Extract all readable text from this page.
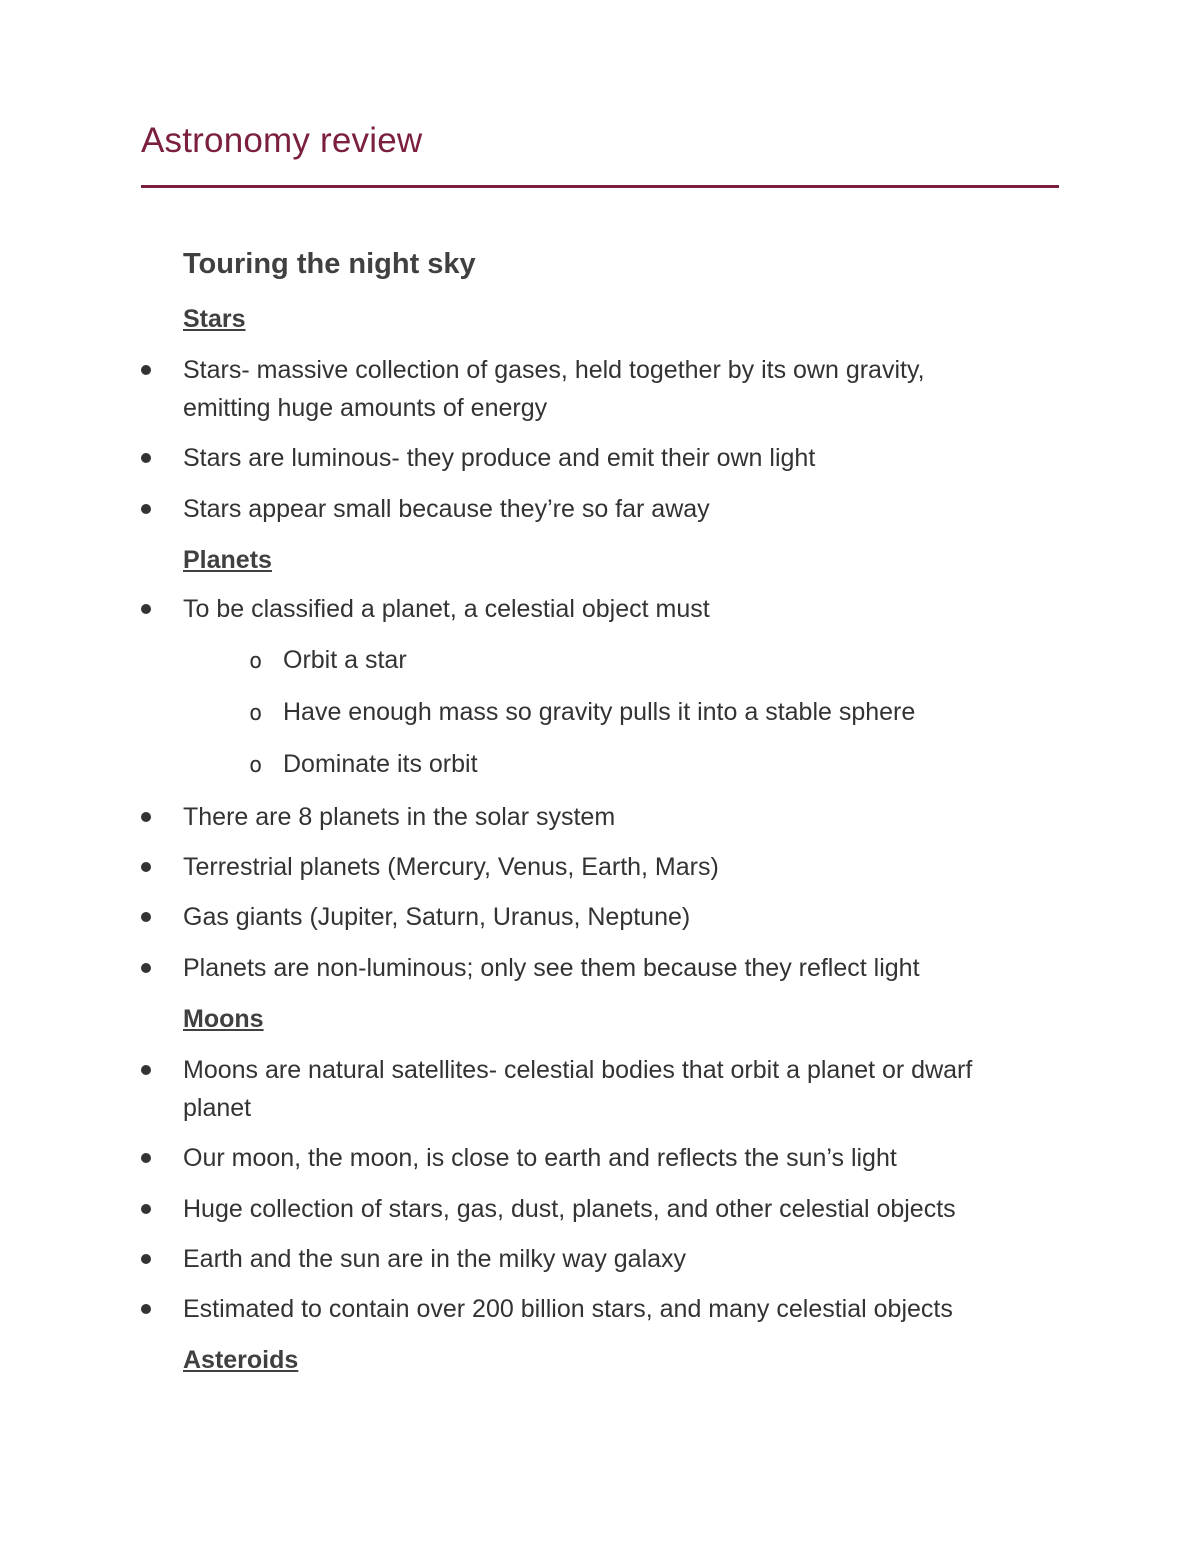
Astronomy review
Touring the night sky
Stars
Stars- massive collection of gases, held together by its own gravity,
emitting huge amounts of energy
Stars are luminous- they produce and emit their own light
Stars appear small because they’re so far away
Planets
To be classified a planet, a celestial object must
o Orbit a star
o Have enough mass so gravity pulls it into a stable sphere
o Dominate its orbit
There are 8 planets in the solar system
Terrestrial planets (Mercury, Venus, Earth, Mars)
Gas giants (Jupiter, Saturn, Uranus, Neptune)
Planets are non-luminous; only see them because they reflect light
Moons
Moons are natural satellites- celestial bodies that orbit a planet or dwarf
planet
Our moon, the moon, is close to earth and reflects the sun’s light
Huge collection of stars, gas, dust, planets, and other celestial objects
Earth and the sun are in the milky way galaxy
Estimated to contain over 200 billion stars, and many celestial objects
Asteroids
